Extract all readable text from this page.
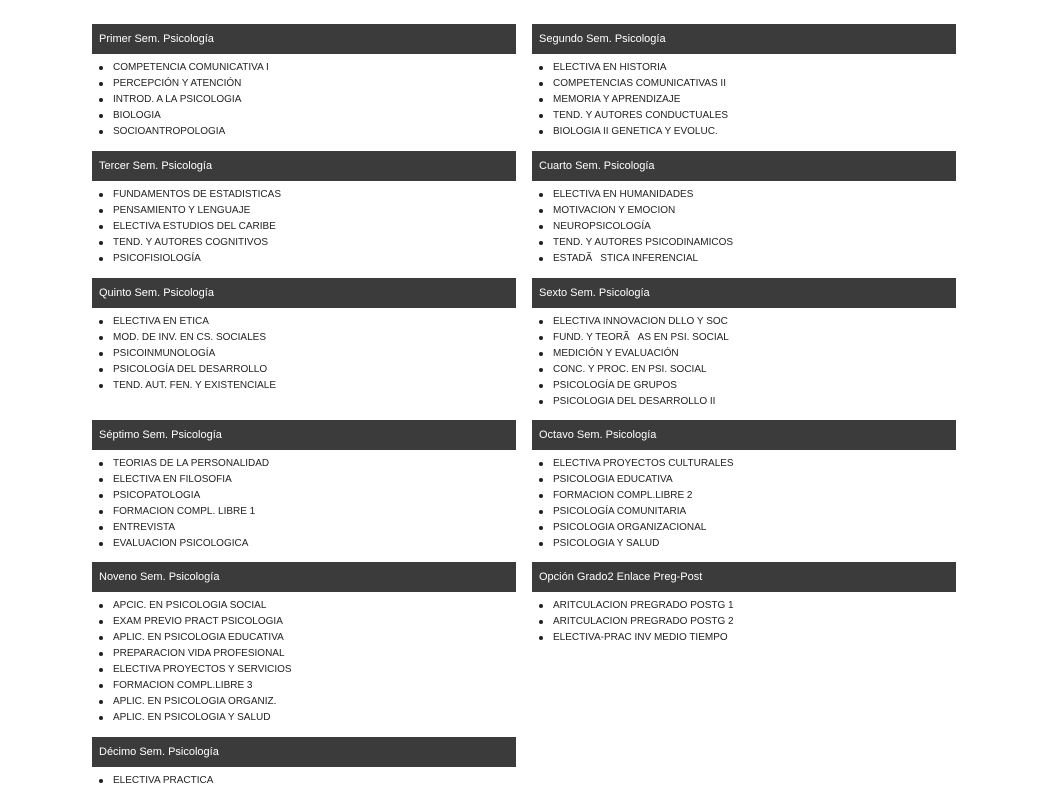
Primer Sem. Psicología
COMPETENCIA COMUNICATIVA I
PERCEPCIÓN Y ATENCIÓN
INTROD. A LA PSICOLOGIA
BIOLOGIA
SOCIOANTROPOLOGIA
Segundo Sem. Psicología
ELECTIVA EN HISTORIA
COMPETENCIAS COMUNICATIVAS II
MEMORIA Y APRENDIZAJE
TEND. Y AUTORES CONDUCTUALES
BIOLOGIA II GENETICA Y EVOLUC.
Tercer Sem. Psicología
FUNDAMENTOS DE ESTADISTICAS
PENSAMIENTO Y LENGUAJE
ELECTIVA ESTUDIOS DEL CARIBE
TEND. Y AUTORES COGNITIVOS
PSICOFISIOLOGÍA
Cuarto Sem. Psicología
ELECTIVA EN HUMANIDADES
MOTIVACION Y EMOCION
NEUROPSICOLOGÍA
TEND. Y AUTORES PSICODINAMICOS
ESTADÃSTICA INFERENCIAL
Quinto Sem. Psicología
ELECTIVA EN ETICA
MOD. DE INV. EN CS. SOCIALES
PSICOINMUNOLOGÍA
PSICOLOGÍA DEL DESARROLLO
TEND. AUT. FEN. Y EXISTENCIALE
Sexto Sem. Psicología
ELECTIVA INNOVACION DLLO Y SOC
FUND. Y TEORÃAS EN PSI. SOCIAL
MEDICIÓN Y EVALUACIÓN
CONC. Y PROC. EN PSI. SOCIAL
PSICOLOGÍA DE GRUPOS
PSICOLOGIA DEL DESARROLLO II
Séptimo Sem. Psicología
TEORIAS DE LA PERSONALIDAD
ELECTIVA EN FILOSOFIA
PSICOPATOLOGIA
FORMACION COMPL. LIBRE 1
ENTREVISTA
EVALUACION PSICOLOGICA
Octavo Sem. Psicología
ELECTIVA PROYECTOS CULTURALES
PSICOLOGIA EDUCATIVA
FORMACION COMPL.LIBRE 2
PSICOLOGÍA COMUNITARIA
PSICOLOGIA ORGANIZACIONAL
PSICOLOGIA Y SALUD
Noveno Sem. Psicología
APCIC. EN PSICOLOGIA SOCIAL
EXAM PREVIO PRACT PSICOLOGIA
APLIC. EN PSICOLOGIA EDUCATIVA
PREPARACION VIDA PROFESIONAL
ELECTIVA PROYECTOS Y SERVICIOS
FORMACION COMPL.LIBRE 3
APLIC. EN PSICOLOGIA ORGANIZ.
APLIC. EN PSICOLOGIA Y SALUD
Décimo Sem. Psicología
ELECTIVA PRACTICA
Opción Grado2 Enlace Preg-Post
ARITCULACION PREGRADO POSTG 1
ARITCULACION PREGRADO POSTG 2
ELECTIVA-PRAC INV MEDIO TIEMPO
